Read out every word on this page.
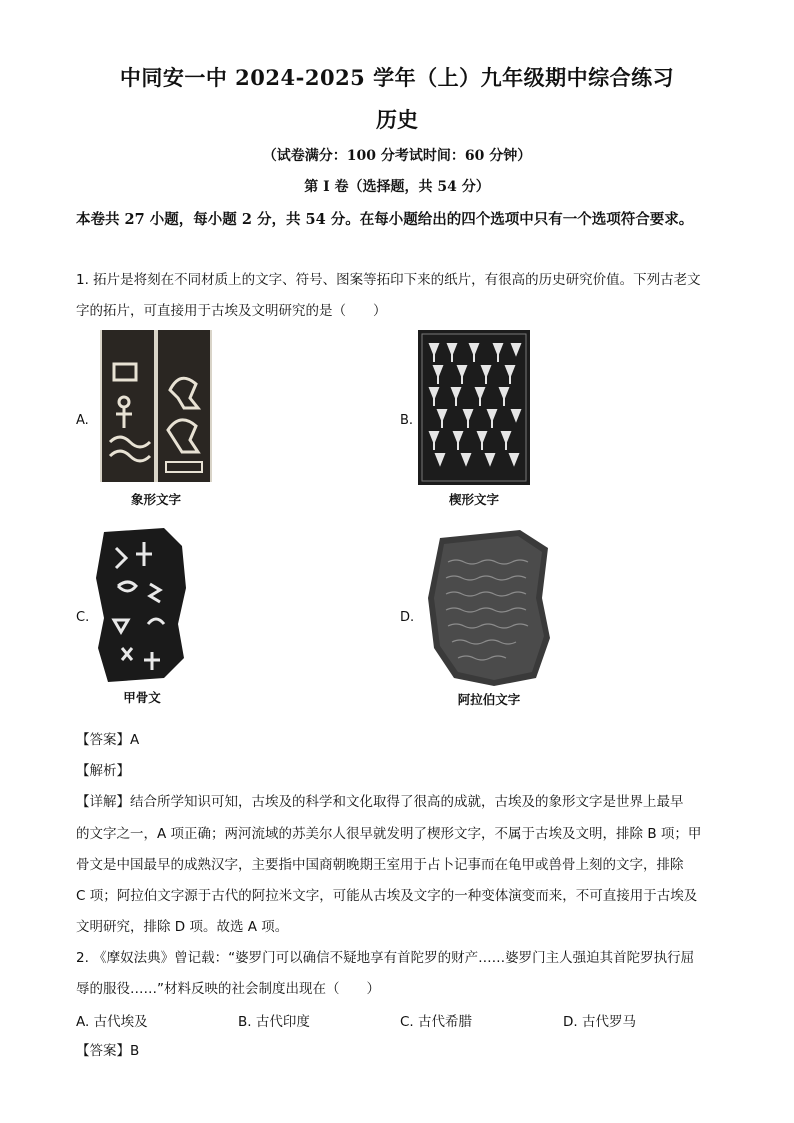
中同安一中 2024-2025 学年（上）九年级期中综合练习
历史
（试卷满分：100 分考试时间：60 分钟）
第 I 卷（选择题，共 54 分）
本卷共 27 小题，每小题 2 分，共 54 分。在每小题给出的四个选项中只有一个选项符合要求。
1. 拓片是将刻在不同材质上的文字、符号、图案等拓印下来的纸片，有很高的历史研究价值。下列古老文
字的拓片，可直接用于古埃及文明研究的是（　　）
A.
象形文字
B.
楔形文字
C.
甲骨文
D.
阿拉伯文字
【答案】A
【解析】
【详解】结合所学知识可知，古埃及的科学和文化取得了很高的成就，古埃及的象形文字是世界上最早
的文字之一，A 项正确；两河流域的苏美尔人很早就发明了楔形文字，不属于古埃及文明，排除 B 项；甲
骨文是中国最早的成熟汉字，主要指中国商朝晚期王室用于占卜记事而在龟甲或兽骨上刻的文字，排除
C 项；阿拉伯文字源于古代的阿拉米文字，可能从古埃及文字的一种变体演变而来，不可直接用于古埃及
文明研究，排除 D 项。故选 A 项。
2. 《摩奴法典》曾记载：“婆罗门可以确信不疑地享有首陀罗的财产……婆罗门主人强迫其首陀罗执行屈
辱的服役……”材料反映的社会制度出现在（　　）
A. 古代埃及	B. 古代印度	C. 古代希腊	D. 古代罗马
【答案】B
